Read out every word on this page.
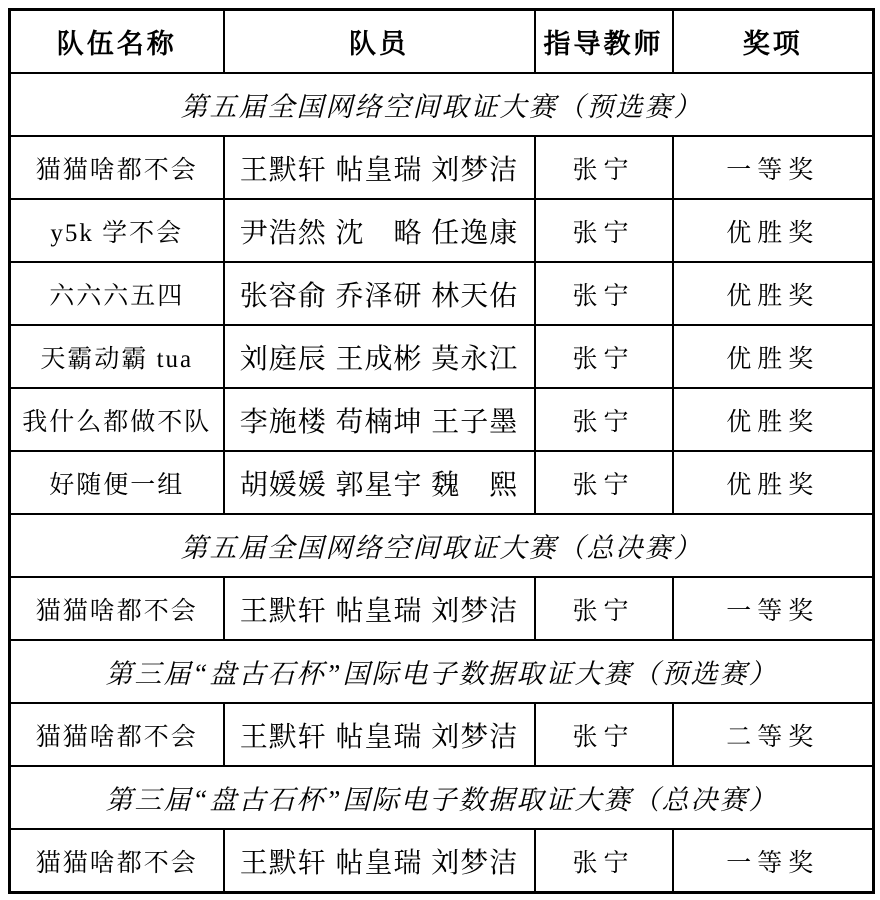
队伍名称	队员	指导教师	奖项
第五届全国网络空间取证大赛（预选赛）			
猫猫啥都不会	王默轩 帖皇瑞 刘梦洁	张宁	一等奖
y5k 学不会	尹浩然 沈　略 任逸康	张宁	优胜奖
六六六五四	张容俞 乔泽研 林天佑	张宁	优胜奖
天霸动霸 tua	刘庭辰 王成彬 莫永江	张宁	优胜奖
我什么都做不队	李施楼 苟楠坤 王子墨	张宁	优胜奖
好随便一组	胡媛媛 郭星宇 魏　熙	张宁	优胜奖
第五届全国网络空间取证大赛（总决赛）			
猫猫啥都不会	王默轩 帖皇瑞 刘梦洁	张宁	一等奖
第三届“盘古石杯”国际电子数据取证大赛（预选赛）			
猫猫啥都不会	王默轩 帖皇瑞 刘梦洁	张宁	二等奖
第三届“盘古石杯”国际电子数据取证大赛（总决赛）			
猫猫啥都不会	王默轩 帖皇瑞 刘梦洁	张宁	一等奖
